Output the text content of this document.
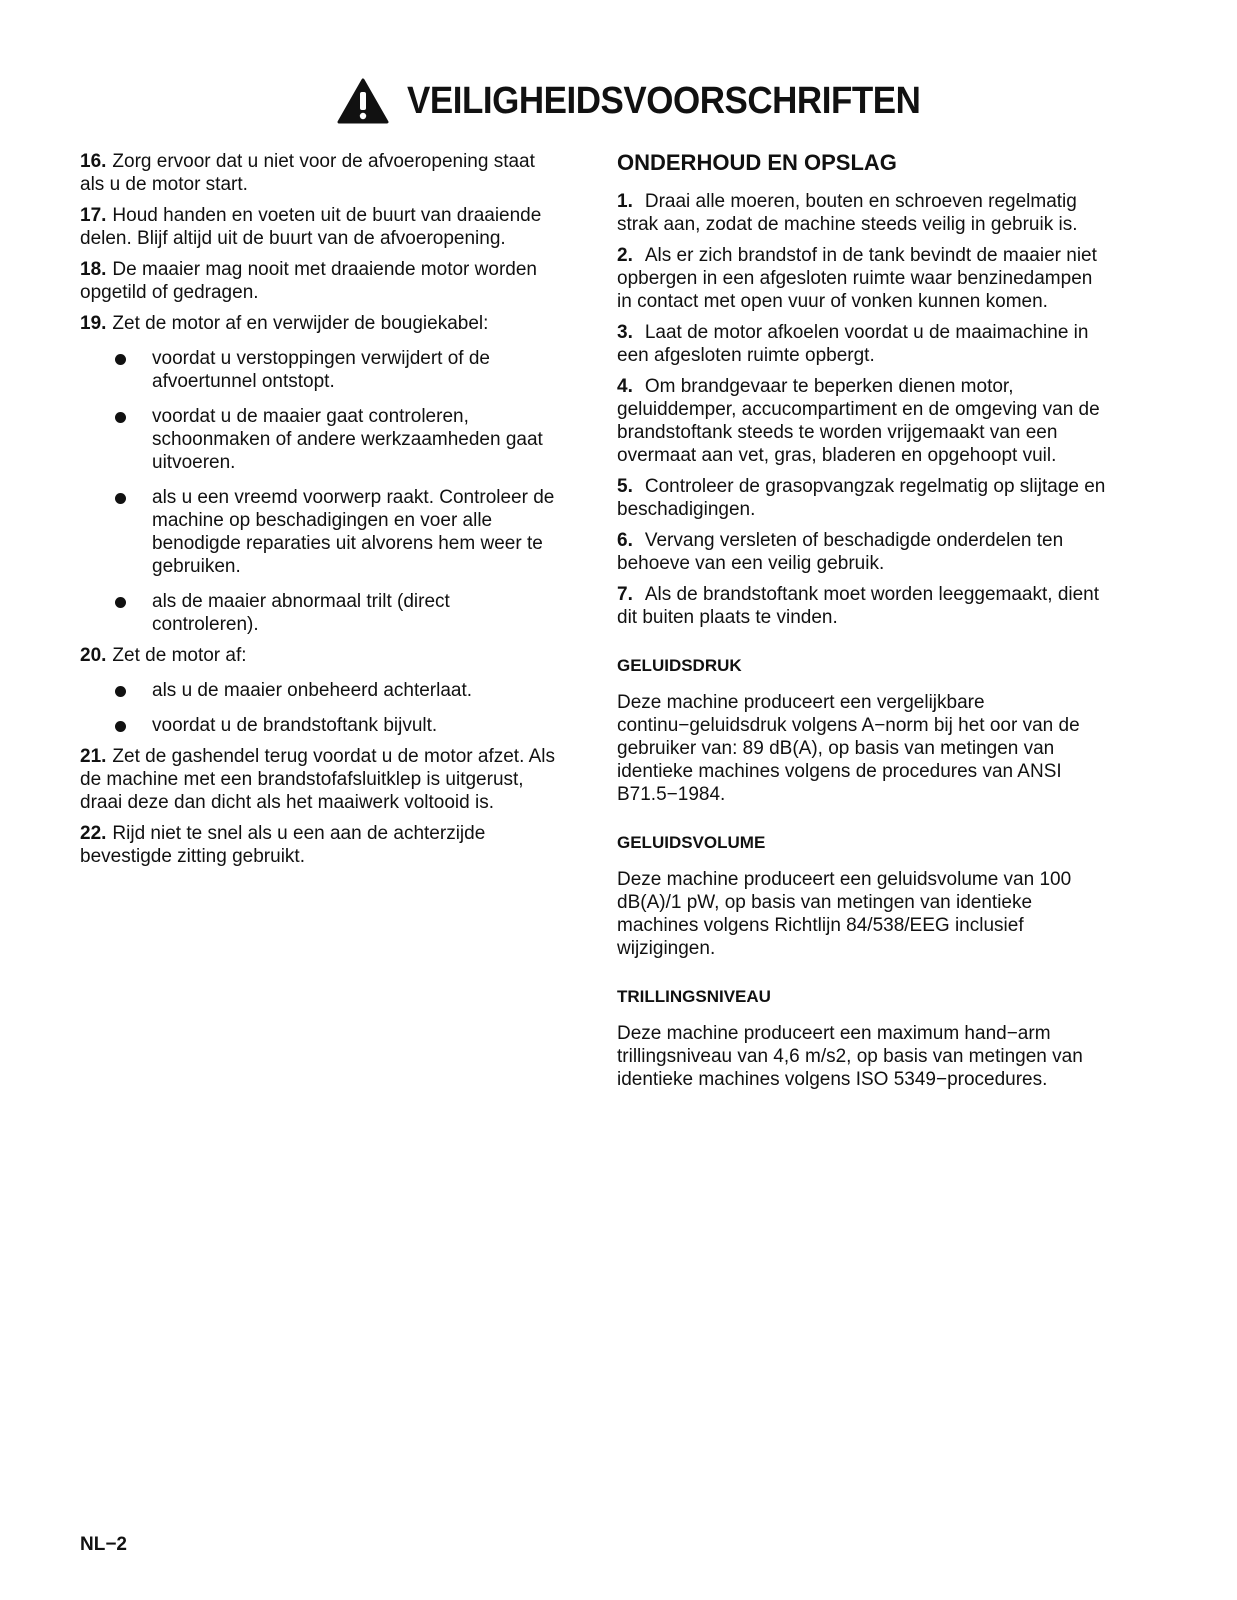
VEILIGHEIDSVOORSCHRIFTEN

16. Zorg ervoor dat u niet voor de afvoeropening staat als u de motor start.

17. Houd handen en voeten uit de buurt van draaiende delen. Blijf altijd uit de buurt van de afvoeropening.

18. De maaier mag nooit met draaiende motor worden opgetild of gedragen.

19. Zet de motor af en verwijder de bougiekabel:

voordat u verstoppingen verwijdert of de afvoertunnel ontstopt.
voordat u de maaier gaat controleren, schoonmaken of andere werkzaamheden gaat uitvoeren.
als u een vreemd voorwerp raakt. Controleer de machine op beschadigingen en voer alle benodigde reparaties uit alvorens hem weer te gebruiken.
als de maaier abnormaal trilt (direct controleren).

20. Zet de motor af:

als u de maaier onbeheerd achterlaat.
voordat u de brandstoftank bijvult.

21. Zet de gashendel terug voordat u de motor afzet. Als de machine met een brandstofafsluitklep is uitgerust, draai deze dan dicht als het maaiwerk voltooid is.

22. Rijd niet te snel als u een aan de achterzijde bevestigde zitting gebruikt.

ONDERHOUD EN OPSLAG

1. Draai alle moeren, bouten en schroeven regelmatig strak aan, zodat de machine steeds veilig in gebruik is.

2. Als er zich brandstof in de tank bevindt de maaier niet opbergen in een afgesloten ruimte waar benzinedampen in contact met open vuur of vonken kunnen komen.

3. Laat de motor afkoelen voordat u de maaimachine in een afgesloten ruimte opbergt.

4. Om brandgevaar te beperken dienen motor, geluiddemper, accucompartiment en de omgeving van de brandstoftank steeds te worden vrijgemaakt van een overmaat aan vet, gras, bladeren en opgehoopt vuil.

5. Controleer de grasopvangzak regelmatig op slijtage en beschadigingen.

6. Vervang versleten of beschadigde onderdelen ten behoeve van een veilig gebruik.

7. Als de brandstoftank moet worden leeggemaakt, dient dit buiten plaats te vinden.

GELUIDSDRUK

Deze machine produceert een vergelijkbare continu−geluidsdruk volgens A−norm bij het oor van de gebruiker van: 89 dB(A), op basis van metingen van identieke machines volgens de procedures van ANSI B71.5−1984.

GELUIDSVOLUME

Deze machine produceert een geluidsvolume van 100 dB(A)/1 pW, op basis van metingen van identieke machines volgens Richtlijn 84/538/EEG inclusief wijzigingen.

TRILLINGSNIVEAU

Deze machine produceert een maximum hand−arm trillingsniveau van 4,6 m/s2, op basis van metingen van identieke machines volgens ISO 5349−procedures.

NL−2
